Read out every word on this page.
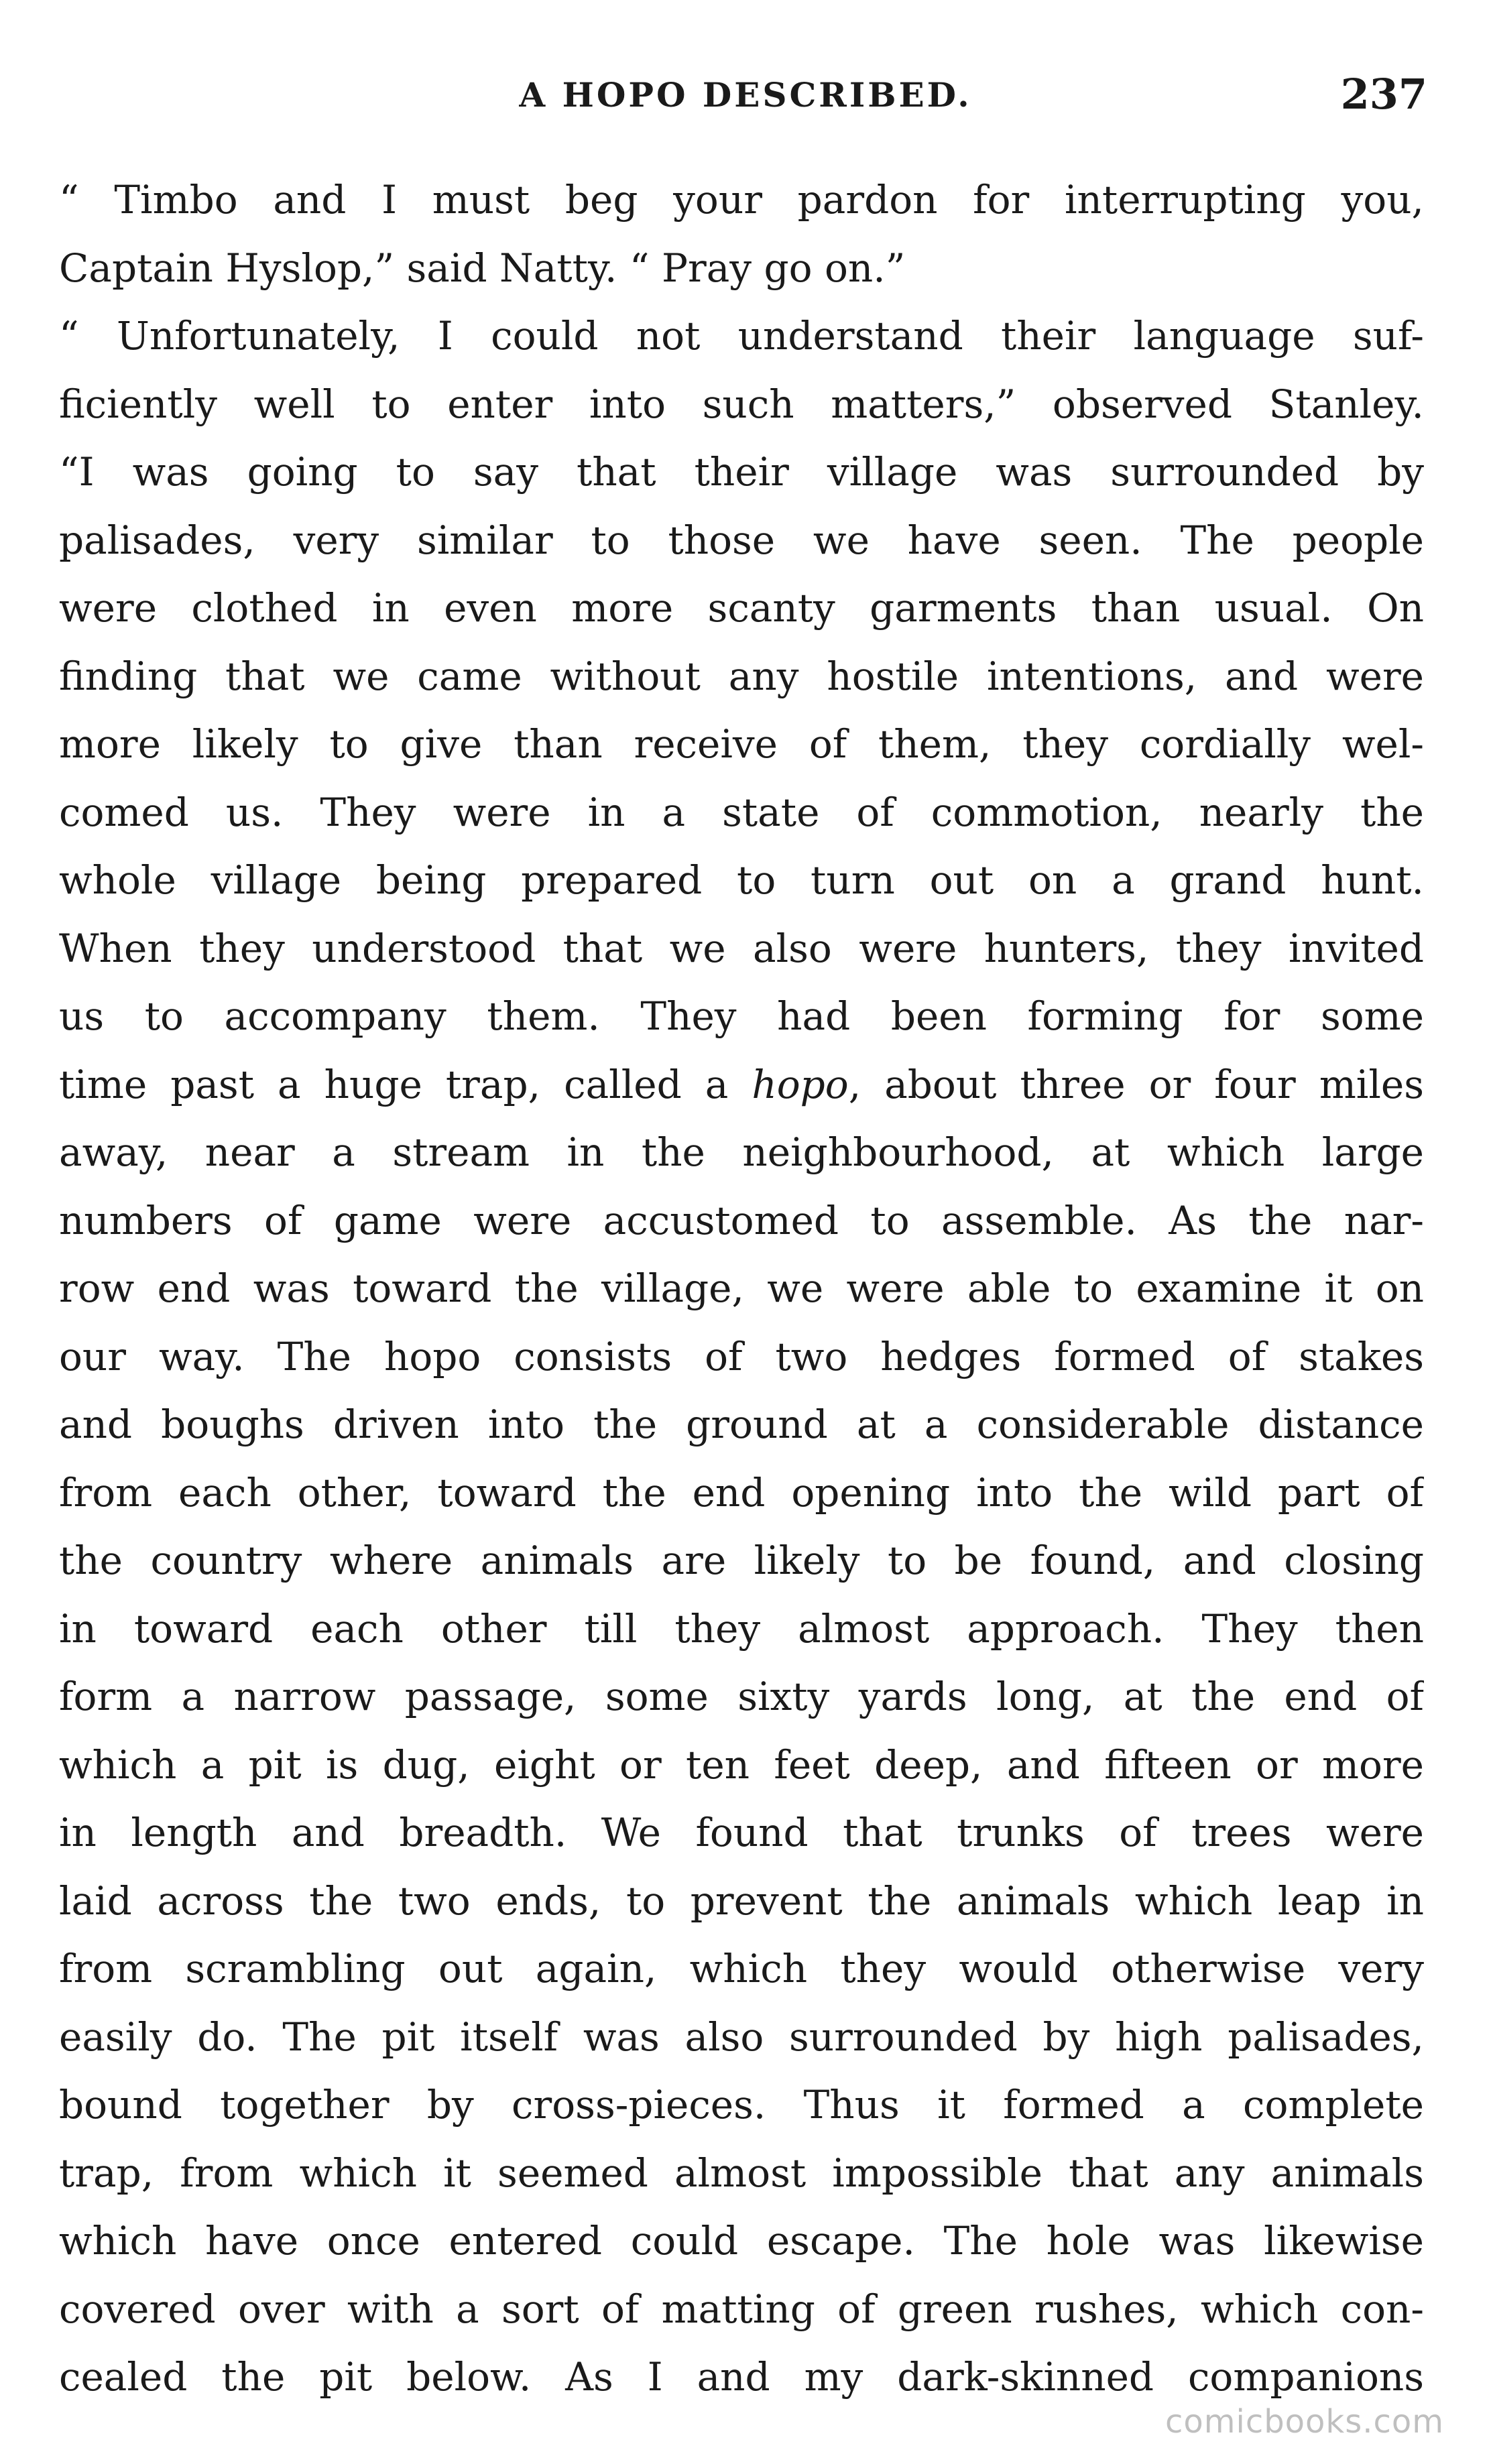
A HOPO DESCRIBED.	237
“ Timbo and I must beg your pardon for interrupting you,
Captain Hyslop,” said Natty. “ Pray go on.”
“ Unfortunately, I could not understand their language suf-
ficiently well to enter into such matters,” observed Stanley.
“I was going to say that their village was surrounded by
palisades, very similar to those we have seen. The people
were clothed in even more scanty garments than usual. On
finding that we came without any hostile intentions, and were
more likely to give than receive of them, they cordially wel-
comed us. They were in a state of commotion, nearly the
whole village being prepared to turn out on a grand hunt.
When they understood that we also were hunters, they invited
us to accompany them. They had been forming for some
time past a huge trap, called a hopo, about three or four miles
away, near a stream in the neighbourhood, at which large
numbers of game were accustomed to assemble. As the nar-
row end was toward the village, we were able to examine it on
our way. The hopo consists of two hedges formed of stakes
and boughs driven into the ground at a considerable distance
from each other, toward the end opening into the wild part of
the country where animals are likely to be found, and closing
in toward each other till they almost approach. They then
form a narrow passage, some sixty yards long, at the end of
which a pit is dug, eight or ten feet deep, and fifteen or more
in length and breadth. We found that trunks of trees were
laid across the two ends, to prevent the animals which leap in
from scrambling out again, which they would otherwise very
easily do. The pit itself was also surrounded by high palisades,
bound together by cross-pieces. Thus it formed a complete
trap, from which it seemed almost impossible that any animals
which have once entered could escape. The hole was likewise
covered over with a sort of matting of green rushes, which con-
cealed the pit below. As I and my dark-skinned companions
comicbooks.com
